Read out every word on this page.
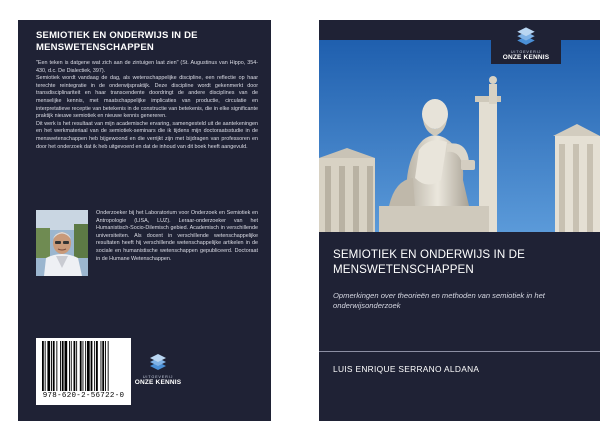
SEMIOTIEK EN ONDERWIJS IN DE MENSWETENSCHAPPEN

"Een teken is datgene wat zich aan de zintuigen laat zien" (St. Augustinus van Hippo, 354-430, d.c. De Dialectiek, 397).

Semiotiek wordt vandaag de dag, als wetenschappelijke discipline, een reflectie op haar terechte reintegratie in de onderwijspraktijk. Deze discipline wordt gekenmerkt door transdisciplinariteit en haar transcendente doordringt de andere disciplines van de menselijke kennis, met maatschappelijke implicaties van productie, circulatie en interpretatieve receptie van betekenis in de constructie van betekenis, die in elke significante praktijk nieuwe semiotiek en nieuwe kennis genereren.

Dit werk is het resultaat van mijn academische ervaring, samengesteld uit de aantekeningen en het werkmateriaal van de semiotiek-seminars die ik tijdens mijn doctoraatsstudie in de menswetenschappen heb bijgewoond en die verrijkt zijn met bijdragen van professoren en door het onderzoek dat ik heb uitgevoerd en dat de inhoud van dit boek heeft aangevuld.

Onderzoeker bij het Laboratorium voor Onderzoek en Semiotiek en Antropologie (LISA, LUZ). Leraar-onderzoeker van het Humanistisch-Socio-Dilemisch gebied. Academisch in verschillende universiteiten. Als docent in verschillende wetenschappelijke resultaten heeft hij verschillende wetenschappelijke artikelen in de sociale en humanistische wetenschappen gepubliceerd. Doctoraat in de Humane Wetenschappen.
978-620-2-56722-0
UITGEVERIJ
ONZE KENNIS
UITGEVERIJ
ONZE KENNIS
SEMIOTIEK EN ONDERWIJS IN DE MENSWETENSCHAPPEN
Opmerkingen over theorieën en methoden van semiotiek in het onderwijsonderzoek
LUIS ENRIQUE SERRANO ALDANA
